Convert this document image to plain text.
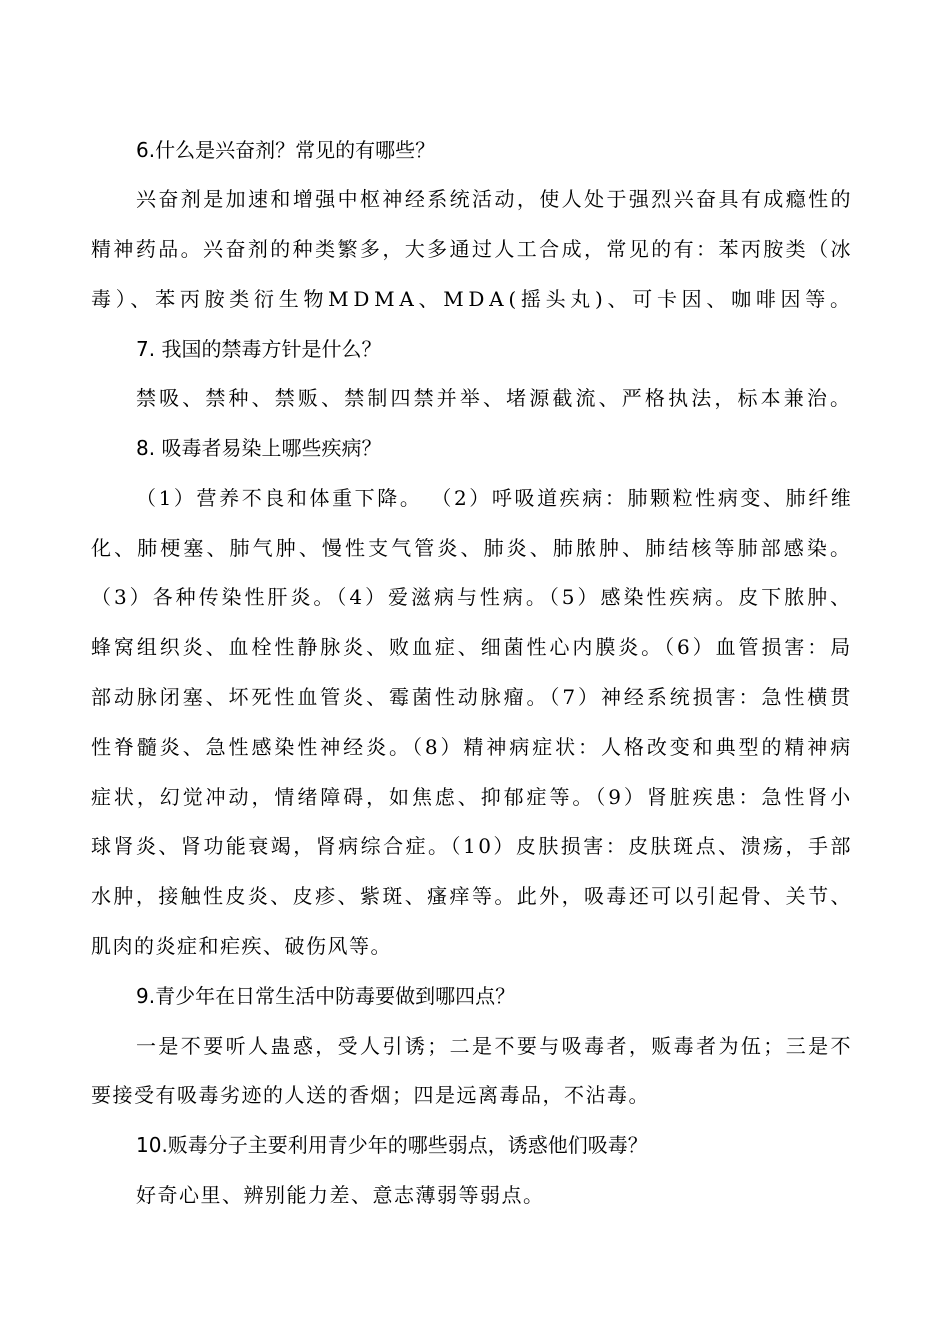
6.什么是兴奋剂？常见的有哪些？
兴奋剂是加速和增强中枢神经系统活动，使人处于强烈兴奋具有成瘾性的
精神药品。兴奋剂的种类繁多，大多通过人工合成，常见的有：苯丙胺类（冰
毒）、苯丙胺类衍生物MDMA、MDA(摇头丸)、可卡因、咖啡因等。
7. 我国的禁毒方针是什么？
禁吸、禁种、禁贩、禁制四禁并举、堵源截流、严格执法，标本兼治。
8. 吸毒者易染上哪些疾病？
（1）营养不良和体重下降。 （2）呼吸道疾病：肺颗粒性病变、肺纤维
化、肺梗塞、肺气肿、慢性支气管炎、肺炎、肺脓肿、肺结核等肺部感染。
（3）各种传染性肝炎。（4）爱滋病与性病。（5）感染性疾病。皮下脓肿、
蜂窝组织炎、血栓性静脉炎、败血症、细菌性心内膜炎。（6）血管损害：局
部动脉闭塞、坏死性血管炎、霉菌性动脉瘤。（7）神经系统损害：急性横贯
性脊髓炎、急性感染性神经炎。（8）精神病症状：人格改变和典型的精神病
症状，幻觉冲动，情绪障碍，如焦虑、抑郁症等。（9）肾脏疾患：急性肾小
球肾炎、肾功能衰竭，肾病综合症。（10）皮肤损害：皮肤斑点、溃疡，手部
水肿，接触性皮炎、皮疹、紫斑、瘙痒等。此外，吸毒还可以引起骨、关节、
肌肉的炎症和疟疾、破伤风等。
9.青少年在日常生活中防毒要做到哪四点？
一是不要听人蛊惑，受人引诱；二是不要与吸毒者，贩毒者为伍；三是不
要接受有吸毒劣迹的人送的香烟；四是远离毒品，不沾毒。
10.贩毒分子主要利用青少年的哪些弱点，诱惑他们吸毒？
好奇心里、辨别能力差、意志薄弱等弱点。
